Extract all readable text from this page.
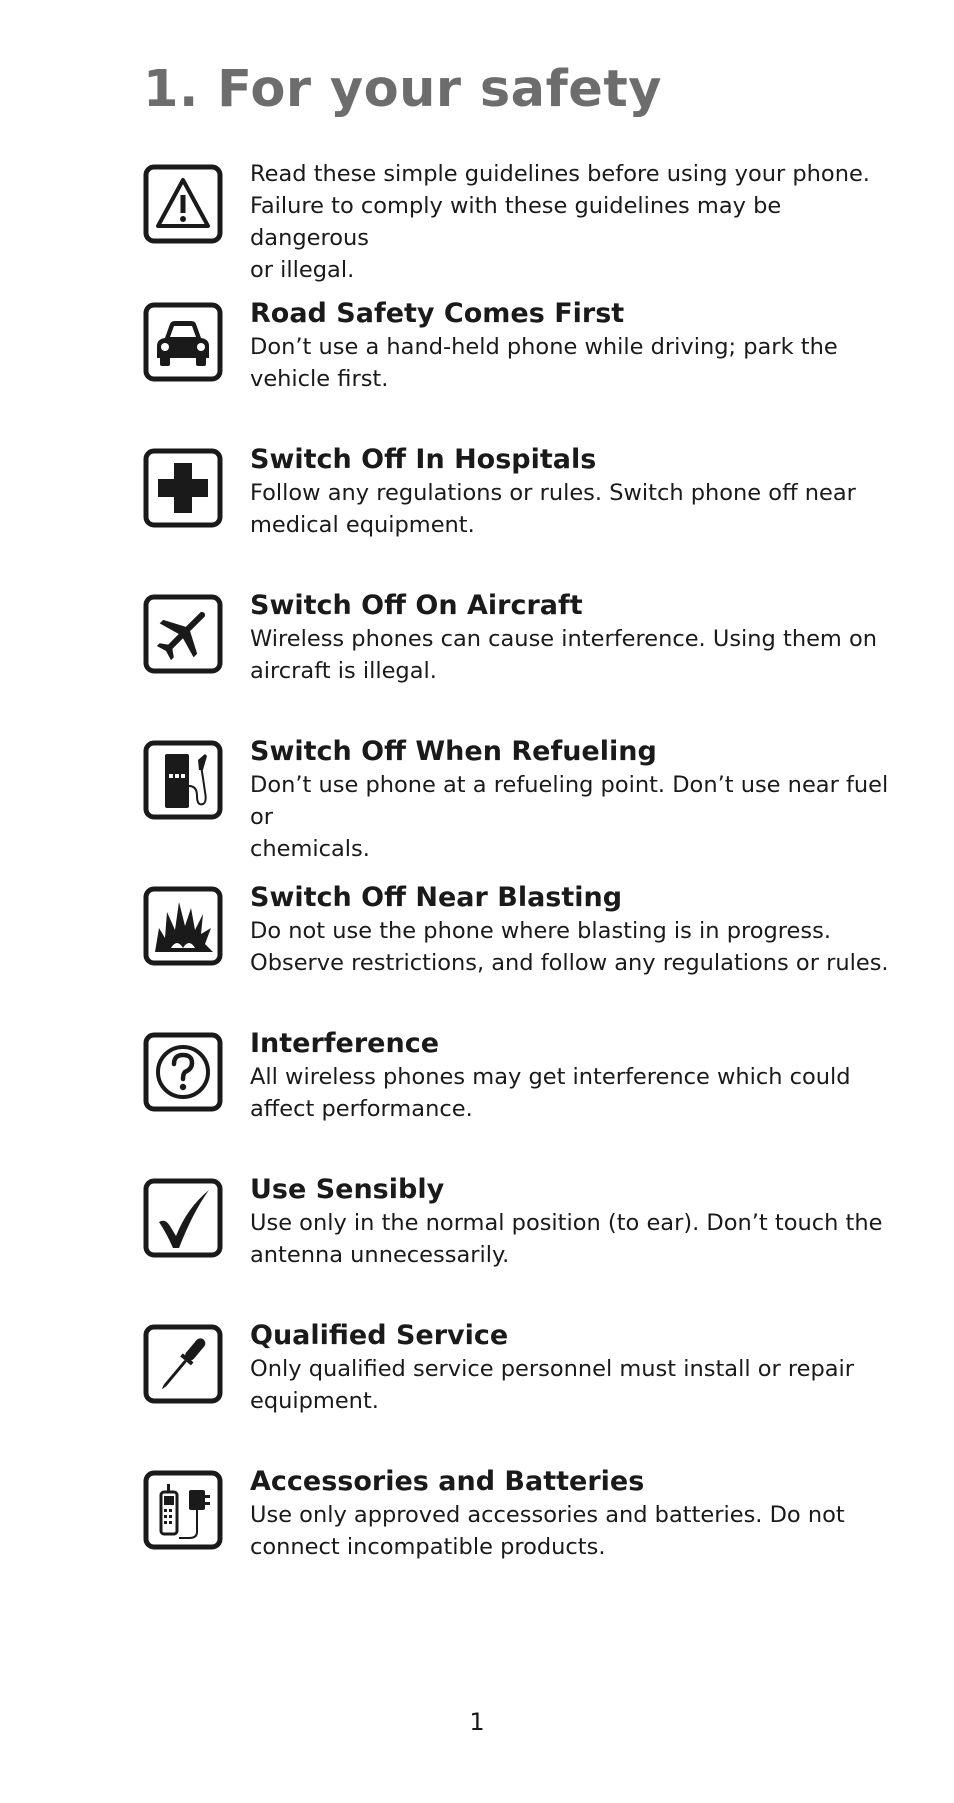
1. For your safety
Read these simple guidelines before using your phone.
Failure to comply with these guidelines may be dangerous
or illegal.
Road Safety Comes First
Don’t use a hand-held phone while driving; park the
vehicle first.
Switch Off In Hospitals
Follow any regulations or rules. Switch phone off near
medical equipment.
Switch Off On Aircraft
Wireless phones can cause interference. Using them on
aircraft is illegal.
Switch Off When Refueling
Don’t use phone at a refueling point. Don’t use near fuel or
chemicals.
Switch Off Near Blasting
Do not use the phone where blasting is in progress.
Observe restrictions, and follow any regulations or rules.
Interference
All wireless phones may get interference which could
affect performance.
Use Sensibly
Use only in the normal position (to ear). Don’t touch the
antenna unnecessarily.
Qualified Service
Only qualified service personnel must install or repair
equipment.
Accessories and Batteries
Use only approved accessories and batteries. Do not
connect incompatible products.
1
